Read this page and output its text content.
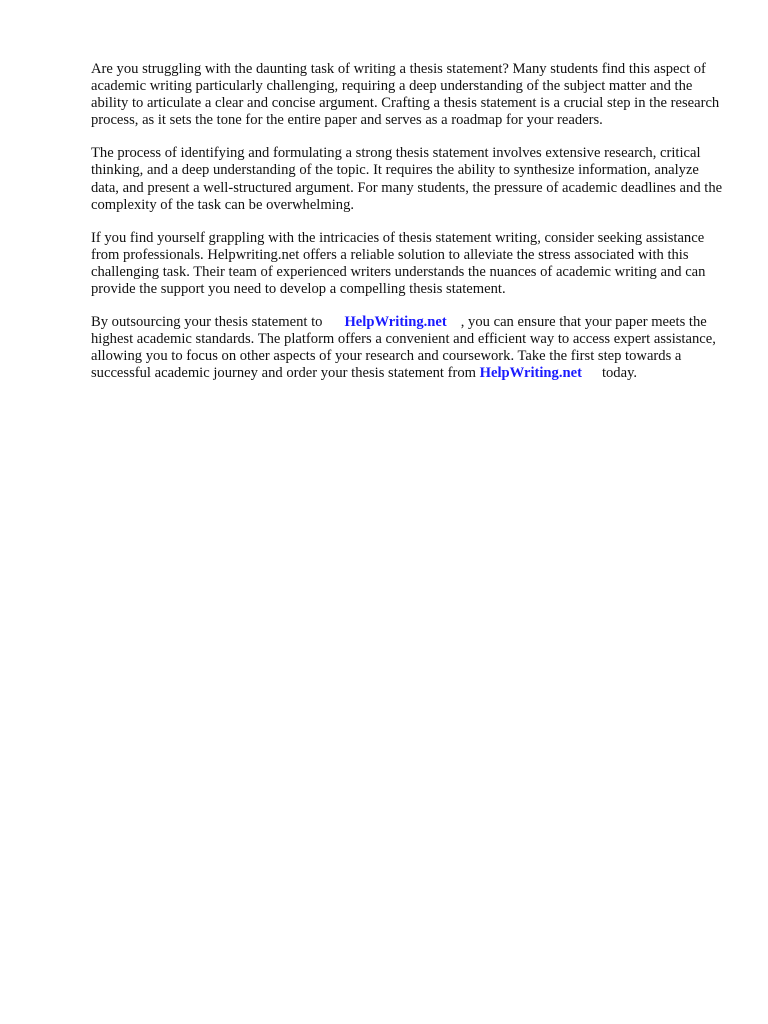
Are you struggling with the daunting task of writing a thesis statement? Many students find this aspect of academic writing particularly challenging, requiring a deep understanding of the subject matter and the ability to articulate a clear and concise argument. Crafting a thesis statement is a crucial step in the research process, as it sets the tone for the entire paper and serves as a roadmap for your readers.

The process of identifying and formulating a strong thesis statement involves extensive research, critical thinking, and a deep understanding of the topic. It requires the ability to synthesize information, analyze data, and present a well-structured argument. For many students, the pressure of academic deadlines and the complexity of the task can be overwhelming.

If you find yourself grappling with the intricacies of thesis statement writing, consider seeking assistance from professionals. Helpwriting.net offers a reliable solution to alleviate the stress associated with this challenging task. Their team of experienced writers understands the nuances of academic writing and can provide the support you need to develop a compelling thesis statement.

By outsourcing your thesis statement to HelpWriting.net , you can ensure that your paper meets the highest academic standards. The platform offers a convenient and efficient way to access expert assistance, allowing you to focus on other aspects of your research and coursework. Take the first step towards a successful academic journey and order your thesis statement from HelpWriting.net today.
